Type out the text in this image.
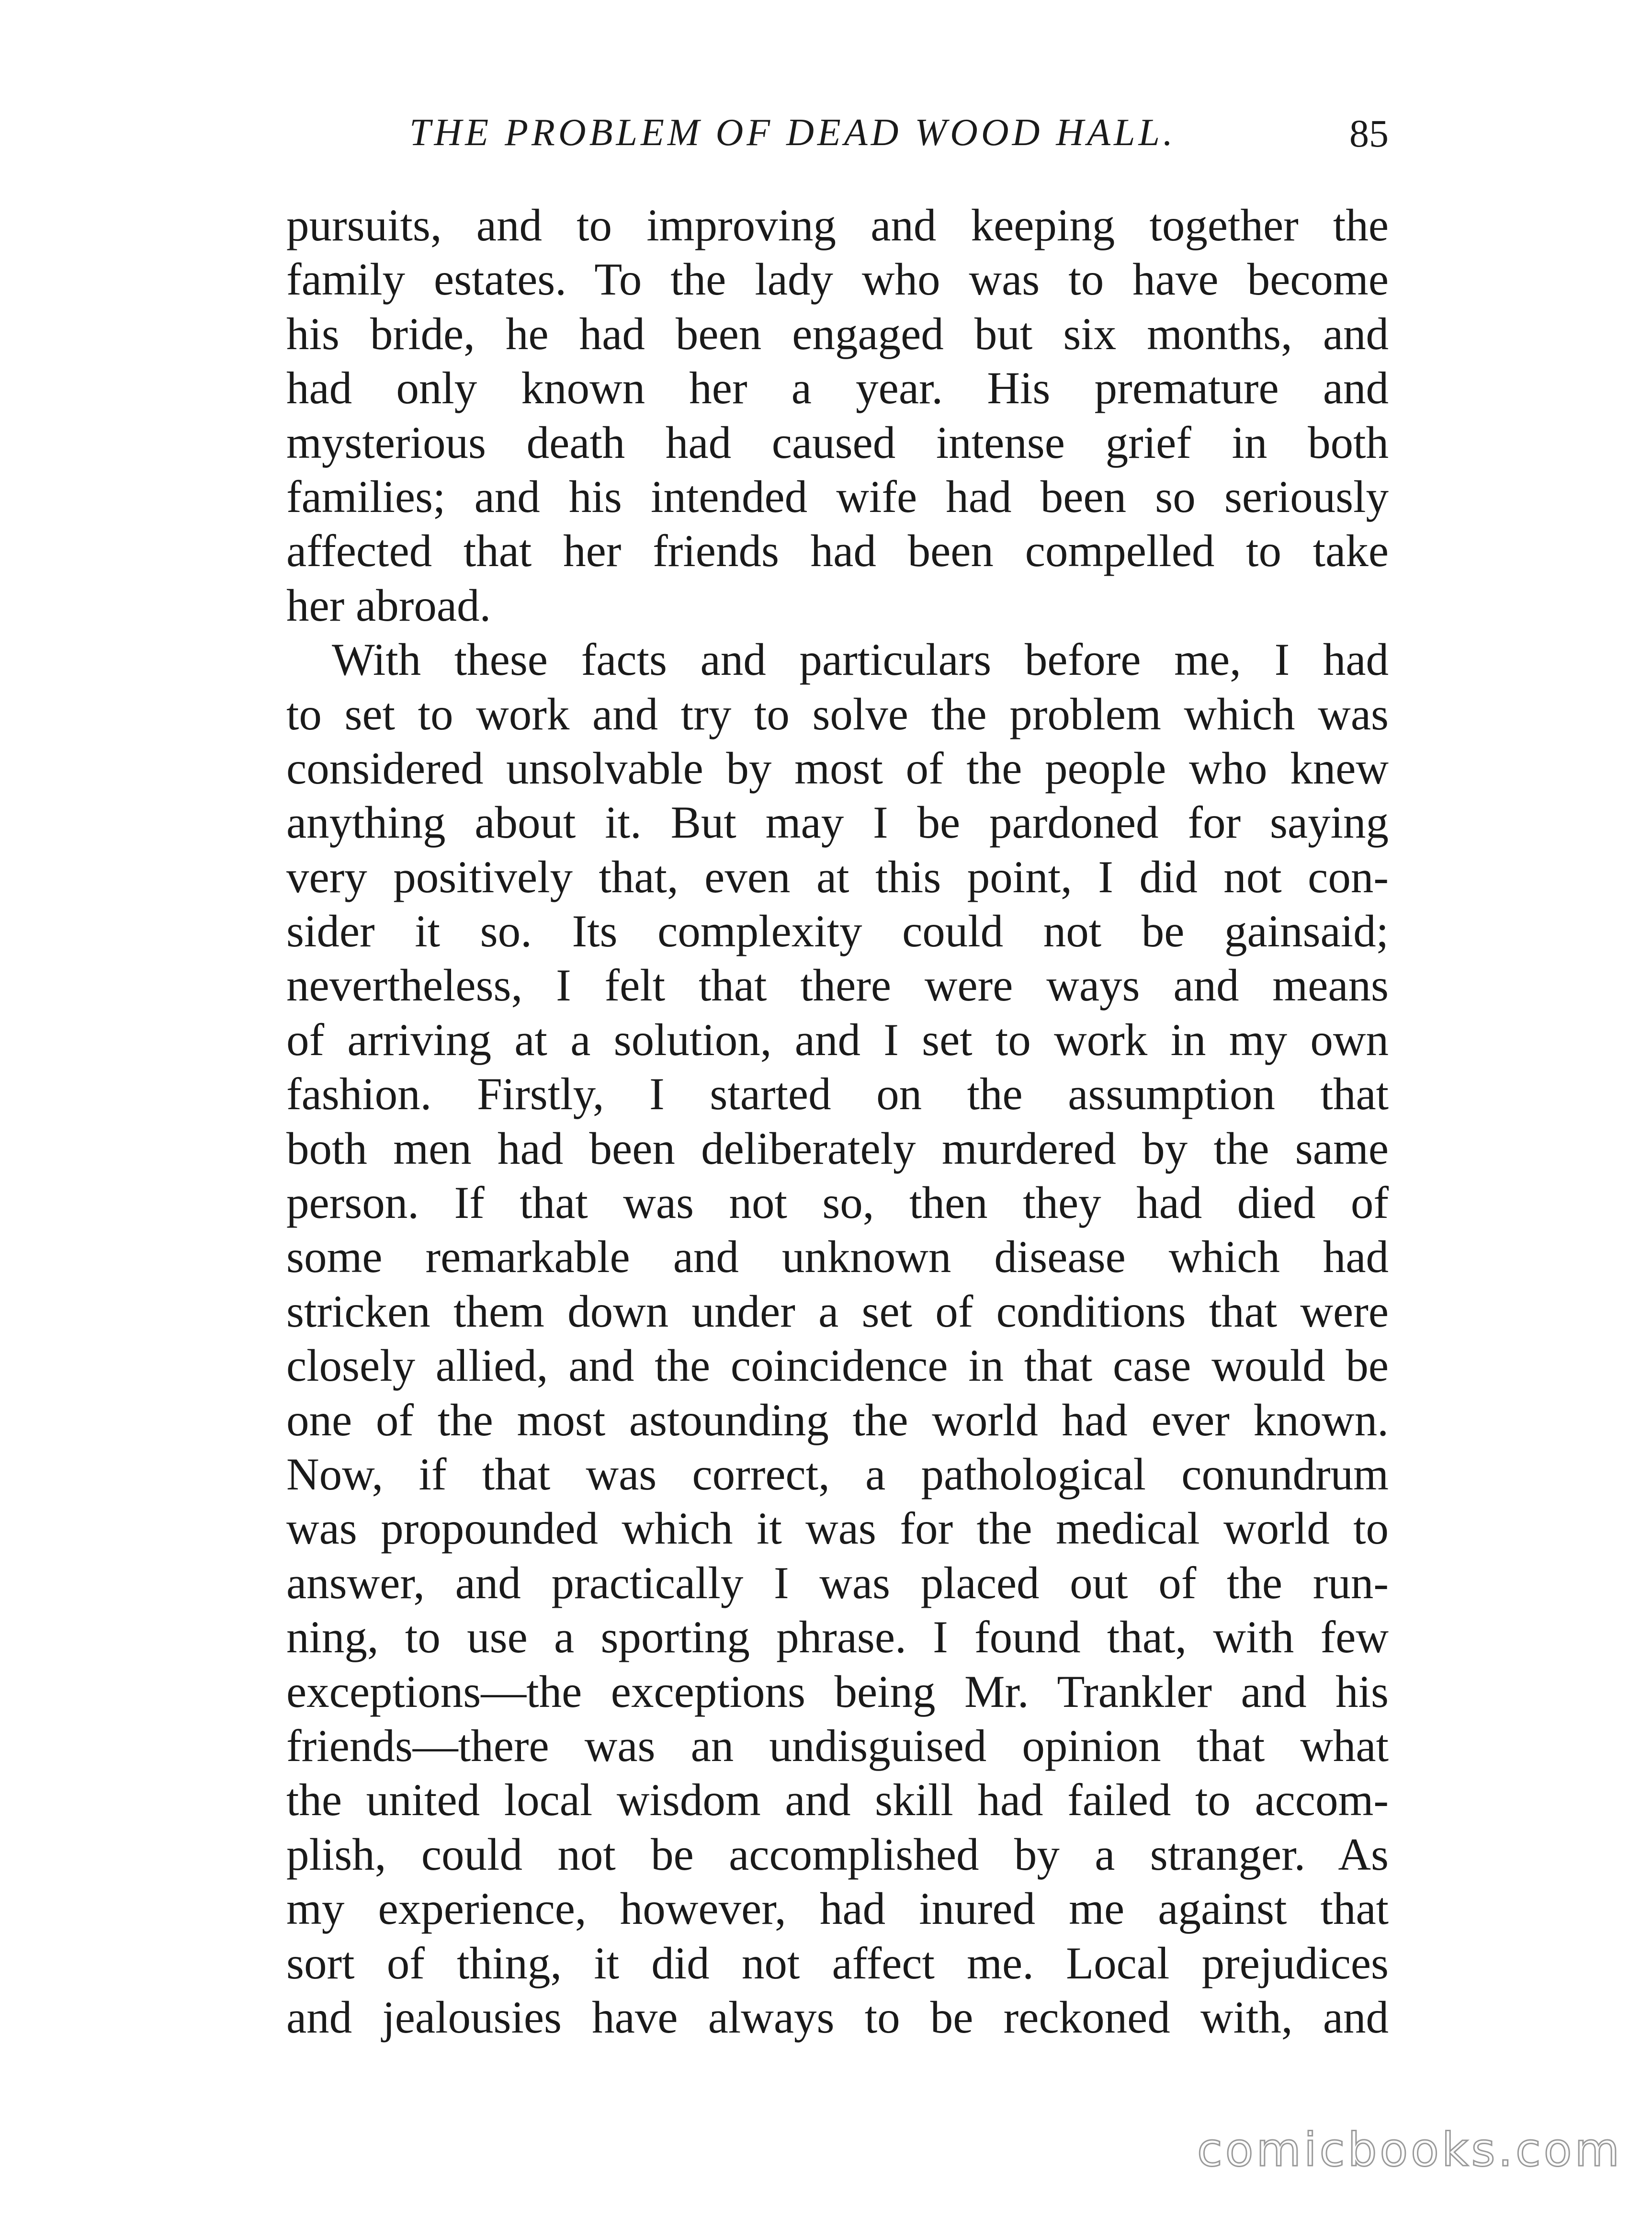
THE PROBLEM OF DEAD WOOD HALL.	85
pursuits, and to improving and keeping together the
family estates. To the lady who was to have become
his bride, he had been engaged but six months, and
had only known her a year. His premature and
mysterious death had caused intense grief in both
families; and his intended wife had been so seriously
affected that her friends had been compelled to take
her abroad.
With these facts and particulars before me, I had
to set to work and try to solve the problem which was
considered unsolvable by most of the people who knew
anything about it. But may I be pardoned for saying
very positively that, even at this point, I did not con-
sider it so. Its complexity could not be gainsaid;
nevertheless, I felt that there were ways and means
of arriving at a solution, and I set to work in my own
fashion. Firstly, I started on the assumption that
both men had been deliberately murdered by the same
person. If that was not so, then they had died of
some remarkable and unknown disease which had
stricken them down under a set of conditions that were
closely allied, and the coincidence in that case would be
one of the most astounding the world had ever known.
Now, if that was correct, a pathological conundrum
was propounded which it was for the medical world to
answer, and practically I was placed out of the run-
ning, to use a sporting phrase. I found that, with few
exceptions—the exceptions being Mr. Trankler and his
friends—there was an undisguised opinion that what
the united local wisdom and skill had failed to accom-
plish, could not be accomplished by a stranger. As
my experience, however, had inured me against that
sort of thing, it did not affect me. Local prejudices
and jealousies have always to be reckoned with, and
comicbooks.com
